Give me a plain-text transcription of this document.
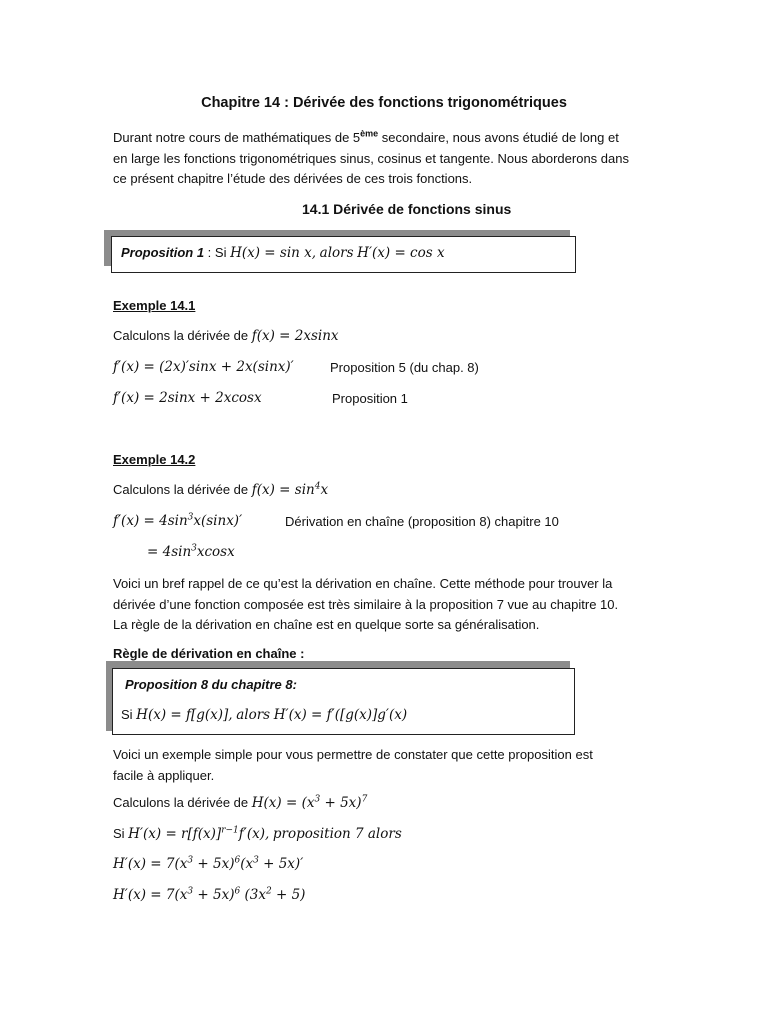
Chapitre 14 : Dérivée des fonctions trigonométriques
Durant notre cours de mathématiques de 5ème secondaire, nous avons étudié de long et
en large les fonctions trigonométriques sinus, cosinus et tangente. Nous aborderons dans
ce présent chapitre l’étude des dérivées de ces trois fonctions.
14.1 Dérivée de fonctions sinus
Proposition 1 : Si H(x) = sin x, alors H′(x) = cos x
Exemple 14.1
Calculons la dérivée de f(x) = 2xsinx
f′(x) = (2x)′sinx + 2x(sinx)′	Proposition 5 (du chap. 8)
f′(x) = 2sinx + 2xcosx	Proposition 1
Exemple 14.2
Calculons la dérivée de $f(x) = \sin^4x$
$f'(x) = 4\sin^3x(\sin x)'$	Dérivation en chaîne (proposition 8) chapitre 10
= $4\sin^3xcosx$
Voici un bref rappel de ce qu’est la dérivation en chaîne. Cette méthode pour trouver la
dérivée d’une fonction composée est très similaire à la proposition 7 vue au chapitre 10.
La règle de la dérivation en chaîne est en quelque sorte sa généralisation.
Règle de dérivation en chaîne :
Proposition 8 du chapitre 8:
Si H(x) = f[g(x)], alors H′(x) = f′([g(x)]g′(x)
Voici un exemple simple pour vous permettre de constater que cette proposition est
facile à appliquer.
Calculons la dérivée de $H(x) = (x^3 + 5x)^7$
Si $H'(x) = r[f(x)]^{r-1}f'(x)$, proposition 7 alors
$H'(x) = 7(x^3 + 5x)^6(x^3 + 5x)'$
$H'(x) = 7(x^3 + 5x)^6$ $(3x^2 + 5)$
